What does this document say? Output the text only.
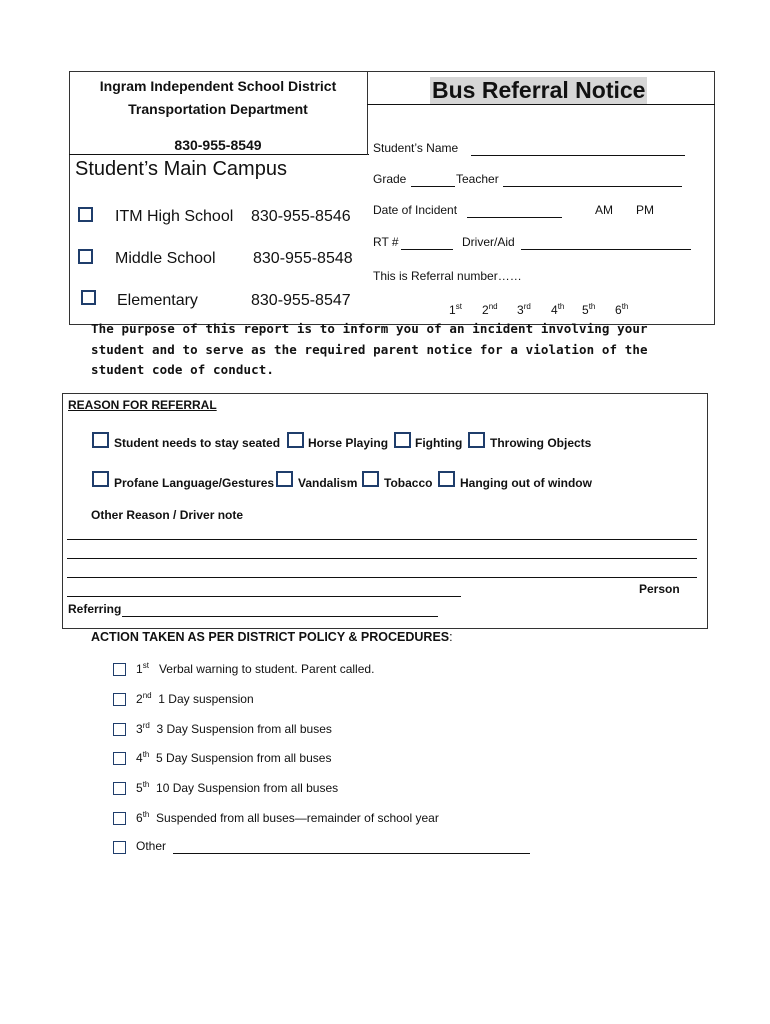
Ingram Independent School District
Transportation Department
830-955-8549
Bus Referral Notice
Student’s Main Campus
ITM High School 830-955-8546
Middle School 830-955-8548
Elementary	830-955-8547
Student’s Name
Grade	Teacher
Date of Incident	AM PM
RT #	Driver/Aid
This is Referral number……
1st 2nd 3rd 4th 5th 6th
The purpose of this report is to inform you of an incident involving your
student and to serve as the required parent notice for a violation of the
student code of conduct.
REASON FOR REFERRAL
Student needs to stay seated Horse Playing Fighting Throwing Objects
Profane Language/Gestures Vandalism Tobacco Hanging out of window
Other Reason / Driver note
Person
Referring
ACTION TAKEN AS PER DISTRICT POLICY & PROCEDURES:
1st Verbal warning to student. Parent called.
2nd 1 Day suspension
3rd 3 Day Suspension from all buses
4th 5 Day Suspension from all buses
5th 10 Day Suspension from all buses
6th Suspended from all buses—remainder of school year
Other
